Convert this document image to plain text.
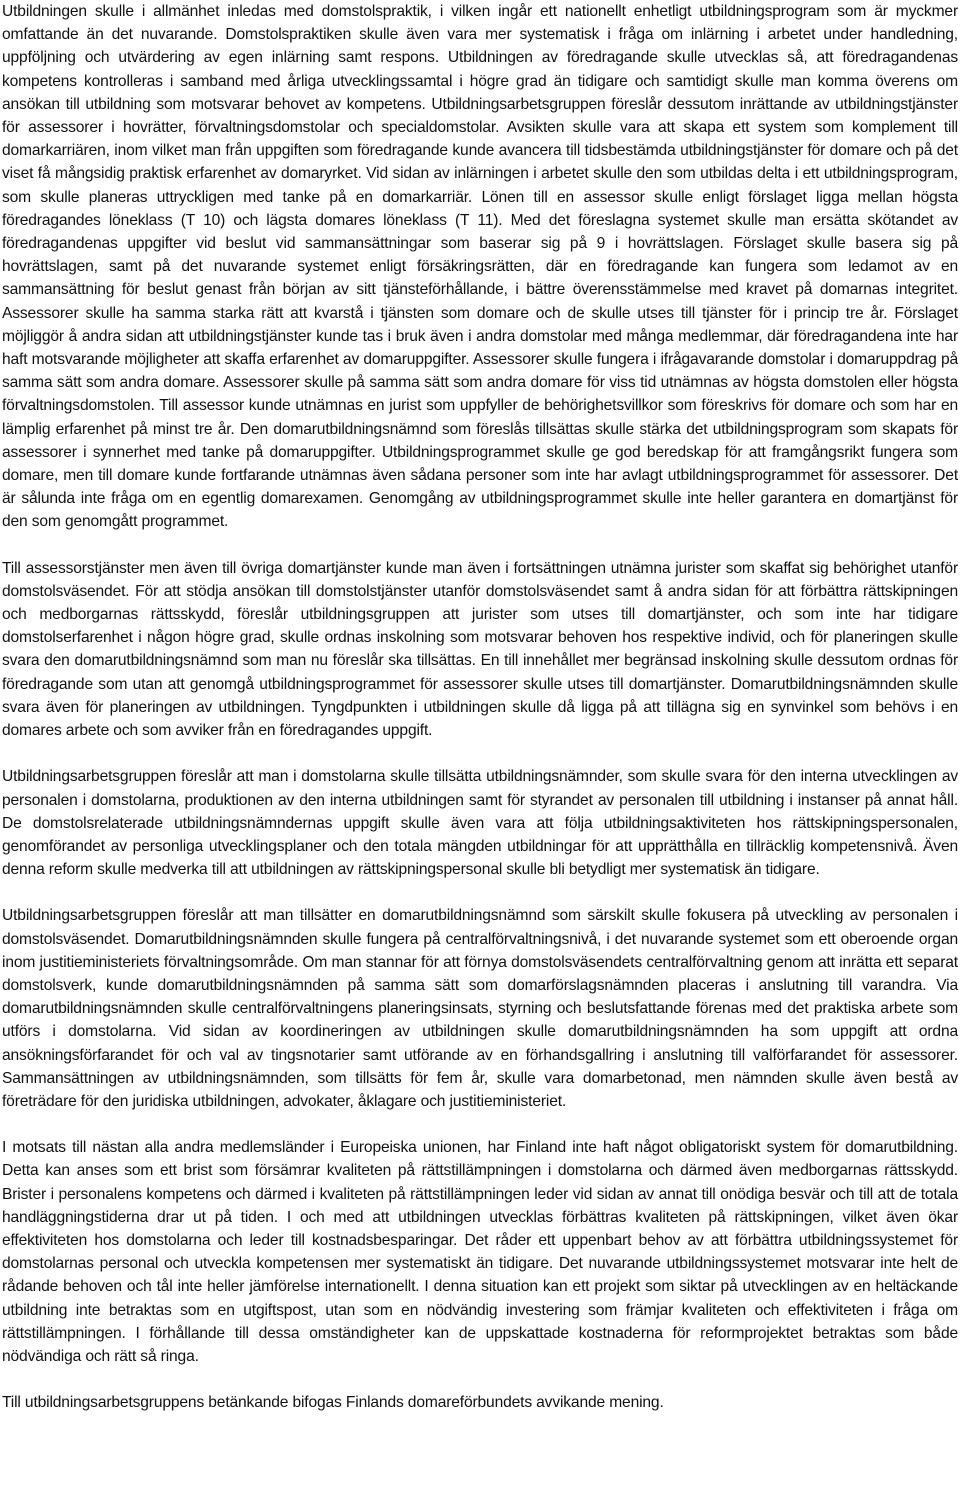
Utbildningen skulle i allmänhet inledas med domstolspraktik, i vilken ingår ett nationellt enhetligt utbildningsprogram som är myckmer omfattande än det nuvarande. Domstolspraktiken skulle även vara mer systematisk i fråga om inlärning i arbetet under handledning, uppföljning och utvärdering av egen inlärning samt respons. Utbildningen av föredragande skulle utvecklas så, att föredragandenas kompetens kontrolleras i samband med årliga utvecklingssamtal i högre grad än tidigare och samtidigt skulle man komma överens om ansökan till utbildning som motsvarar behovet av kompetens. Utbildningsarbetsgruppen föreslår dessutom inrättande av utbildningstjänster för assessorer i hovrätter, förvaltningsdomstolar och specialdomstolar. Avsikten skulle vara att skapa ett system som komplement till domarkarriären, inom vilket man från uppgiften som föredragande kunde avancera till tidsbestämda utbildningstjänster för domare och på det viset få mångsidig praktisk erfarenhet av domaryrket. Vid sidan av inlärningen i arbetet skulle den som utbildas delta i ett utbildningsprogram, som skulle planeras uttryckligen med tanke på en domarkarriär. Lönen till en assessor skulle enligt förslaget ligga mellan högsta föredragandes löneklass (T 10) och lägsta domares löneklass (T 11). Med det föreslagna systemet skulle man ersätta skötandet av föredragandenas uppgifter vid beslut vid sammansättningar som baserar sig på 9 i hovrättslagen. Förslaget skulle basera sig på hovrättslagen, samt på det nuvarande systemet enligt försäkringsrätten, där en föredragande kan fungera som ledamot av en sammansättning för beslut genast från början av sitt tjänsteförhållande, i bättre överensstämmelse med kravet på domarnas integritet. Assessorer skulle ha samma starka rätt att kvarstå i tjänsten som domare och de skulle utses till tjänster för i princip tre år. Förslaget möjliggör å andra sidan att utbildningstjänster kunde tas i bruk även i andra domstolar med många medlemmar, där föredragandena inte har haft motsvarande möjligheter att skaffa erfarenhet av domaruppgifter. Assessorer skulle fungera i ifrågavarande domstolar i domaruppdrag på samma sätt som andra domare. Assessorer skulle på samma sätt som andra domare för viss tid utnämnas av högsta domstolen eller högsta förvaltningsdomstolen. Till assessor kunde utnämnas en jurist som uppfyller de behörighetsvillkor som föreskrivs för domare och som har en lämplig erfarenhet på minst tre år. Den domarutbildningsnämnd som föreslås tillsättas skulle stärka det utbildningsprogram som skapats för assessorer i synnerhet med tanke på domaruppgifter. Utbildningsprogrammet skulle ge god beredskap för att framgångsrikt fungera som domare, men till domare kunde fortfarande utnämnas även sådana personer som inte har avlagt utbildningsprogrammet för assessorer. Det är sålunda inte fråga om en egentlig domarexamen. Genomgång av utbildningsprogrammet skulle inte heller garantera en domartjänst för den som genomgått programmet.

Till assessorstjänster men även till övriga domartjänster kunde man även i fortsättningen utnämna jurister som skaffat sig behörighet utanför domstolsväsendet. För att stödja ansökan till domstolstjänster utanför domstolsväsendet samt å andra sidan för att förbättra rättskipningen och medborgarnas rättsskydd, föreslår utbildningsgruppen att jurister som utses till domartjänster, och som inte har tidigare domstolserfarenhet i någon högre grad, skulle ordnas inskolning som motsvarar behoven hos respektive individ, och för planeringen skulle svara den domarutbildningsnämnd som man nu föreslår ska tillsättas. En till innehållet mer begränsad inskolning skulle dessutom ordnas för föredragande som utan att genomgå utbildningsprogrammet för assessorer skulle utses till domartjänster. Domarutbildningsnämnden skulle svara även för planeringen av utbildningen. Tyngdpunkten i utbildningen skulle då ligga på att tillägna sig en synvinkel som behövs i en domares arbete och som avviker från en föredragandes uppgift.

Utbildningsarbetsgruppen föreslår att man i domstolarna skulle tillsätta utbildningsnämnder, som skulle svara för den interna utvecklingen av personalen i domstolarna, produktionen av den interna utbildningen samt för styrandet av personalen till utbildning i instanser på annat håll. De domstolsrelaterade utbildningsnämndernas uppgift skulle även vara att följa utbildningsaktiviteten hos rättskipningspersonalen, genomförandet av personliga utvecklingsplaner och den totala mängden utbildningar för att upprätthålla en tillräcklig kompetensnivå. Även denna reform skulle medverka till att utbildningen av rättskipningspersonal skulle bli betydligt mer systematisk än tidigare.

Utbildningsarbetsgruppen föreslår att man tillsätter en domarutbildningsnämnd som särskilt skulle fokusera på utveckling av personalen i domstolsväsendet. Domarutbildningsnämnden skulle fungera på centralförvaltningsnivå, i det nuvarande systemet som ett oberoende organ inom justitieministeriets förvaltningsområde. Om man stannar för att förnya domstolsväsendets centralförvaltning genom att inrätta ett separat domstolsverk, kunde domarutbildningsnämnden på samma sätt som domarförslagsnämnden placeras i anslutning till varandra. Via domarutbildningsnämnden skulle centralförvaltningens planeringsinsats, styrning och beslutsfattande förenas med det praktiska arbete som utförs i domstolarna. Vid sidan av koordineringen av utbildningen skulle domarutbildningsnämnden ha som uppgift att ordna ansökningsförfarandet för och val av tingsnotarier samt utförande av en förhandsgallring i anslutning till valförfarandet för assessorer. Sammansättningen av utbildningsnämnden, som tillsätts för fem år, skulle vara domarbetonad, men nämnden skulle även bestå av företrädare för den juridiska utbildningen, advokater, åklagare och justitieministeriet.

I motsats till nästan alla andra medlemsländer i Europeiska unionen, har Finland inte haft något obligatoriskt system för domarutbildning. Detta kan anses som ett brist som försämrar kvaliteten på rättstillämpningen i domstolarna och därmed även medborgarnas rättsskydd. Brister i personalens kompetens och därmed i kvaliteten på rättstillämpningen leder vid sidan av annat till onödiga besvär och till att de totala handläggningstiderna drar ut på tiden. I och med att utbildningen utvecklas förbättras kvaliteten på rättskipningen, vilket även ökar effektiviteten hos domstolarna och leder till kostnadsbesparingar. Det råder ett uppenbart behov av att förbättra utbildningssystemet för domstolarnas personal och utveckla kompetensen mer systematiskt än tidigare. Det nuvarande utbildningssystemet motsvarar inte helt de rådande behoven och tål inte heller jämförelse internationellt. I denna situation kan ett projekt som siktar på utvecklingen av en heltäckande utbildning inte betraktas som en utgiftspost, utan som en nödvändig investering som främjar kvaliteten och effektiviteten i fråga om rättstillämpningen. I förhållande till dessa omständigheter kan de uppskattade kostnaderna för reformprojektet betraktas som både nödvändiga och rätt så ringa.

Till utbildningsarbetsgruppens betänkande bifogas Finlands domareförbundets avvikande mening.
